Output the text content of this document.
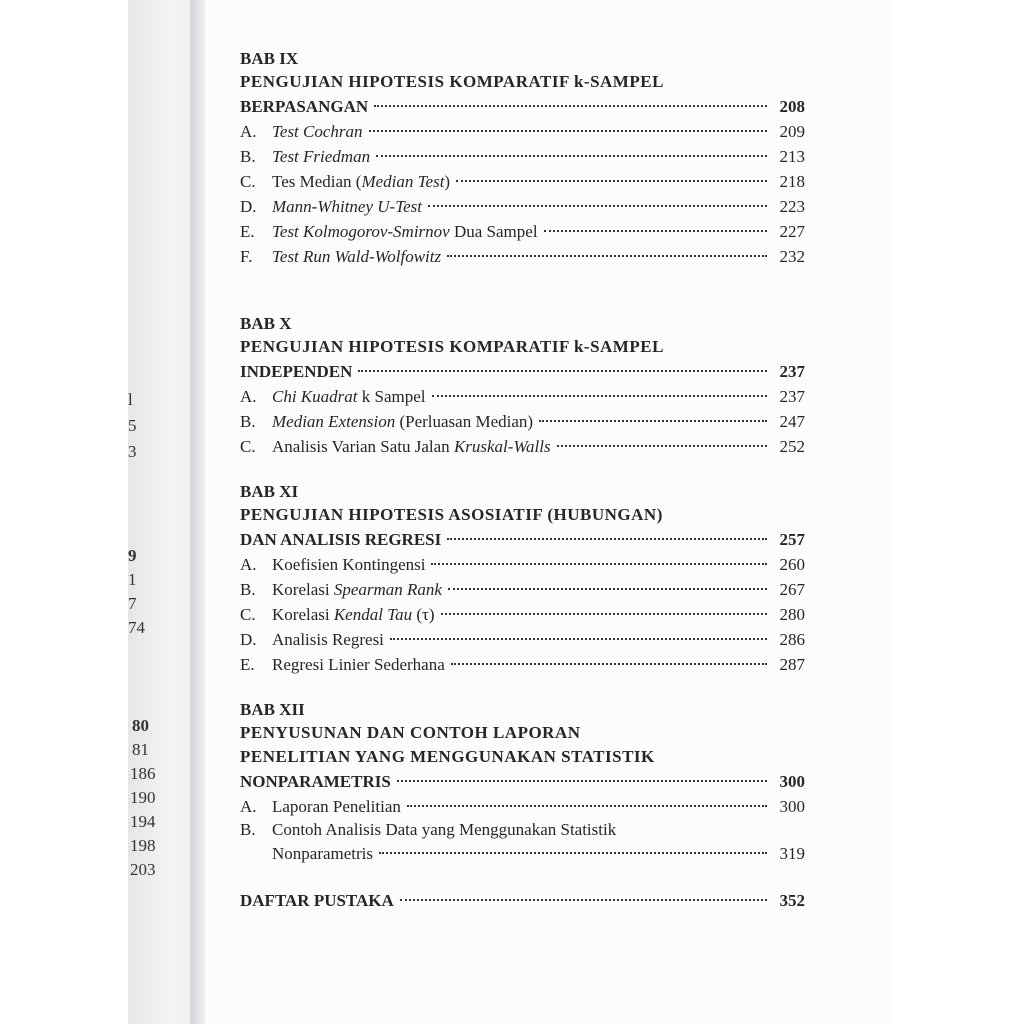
l
5
3
9
1
7
74
80
81
186
190
194
198
203
BAB IX
PENGUJIAN HIPOTESIS KOMPARATIF k-SAMPEL
BERPASANGAN	208
A. Test Cochran	209
B. Test Friedman	213
C. Tes Median (Median Test)	218
D. Mann-Whitney U-Test	223
E.	Test Kolmogorov-Smirnov Dua Sampel	227
F.	Test Run Wald-Wolfowitz	232
BAB X
PENGUJIAN HIPOTESIS KOMPARATIF k-SAMPEL
INDEPENDEN	237
A. Chi Kuadrat k Sampel	237
B. Median Extension (Perluasan Median)	247
C. Analisis Varian Satu Jalan Kruskal-Walls	252
BAB XI
PENGUJIAN HIPOTESIS ASOSIATIF (HUBUNGAN)
DAN ANALISIS REGRESI	257
A. Koefisien Kontingensi	260
B. Korelasi Spearman Rank	267
C. Korelasi Kendal Tau (τ)	280
D. Analisis Regresi	286
E.	Regresi Linier Sederhana	287
BAB XII
PENYUSUNAN DAN CONTOH LAPORAN
PENELITIAN YANG MENGGUNAKAN STATISTIK
NONPARAMETRIS	300
A. Laporan Penelitian	300
B. Contoh Analisis Data yang Menggunakan Statistik
Nonparametris	319
DAFTAR PUSTAKA	352
